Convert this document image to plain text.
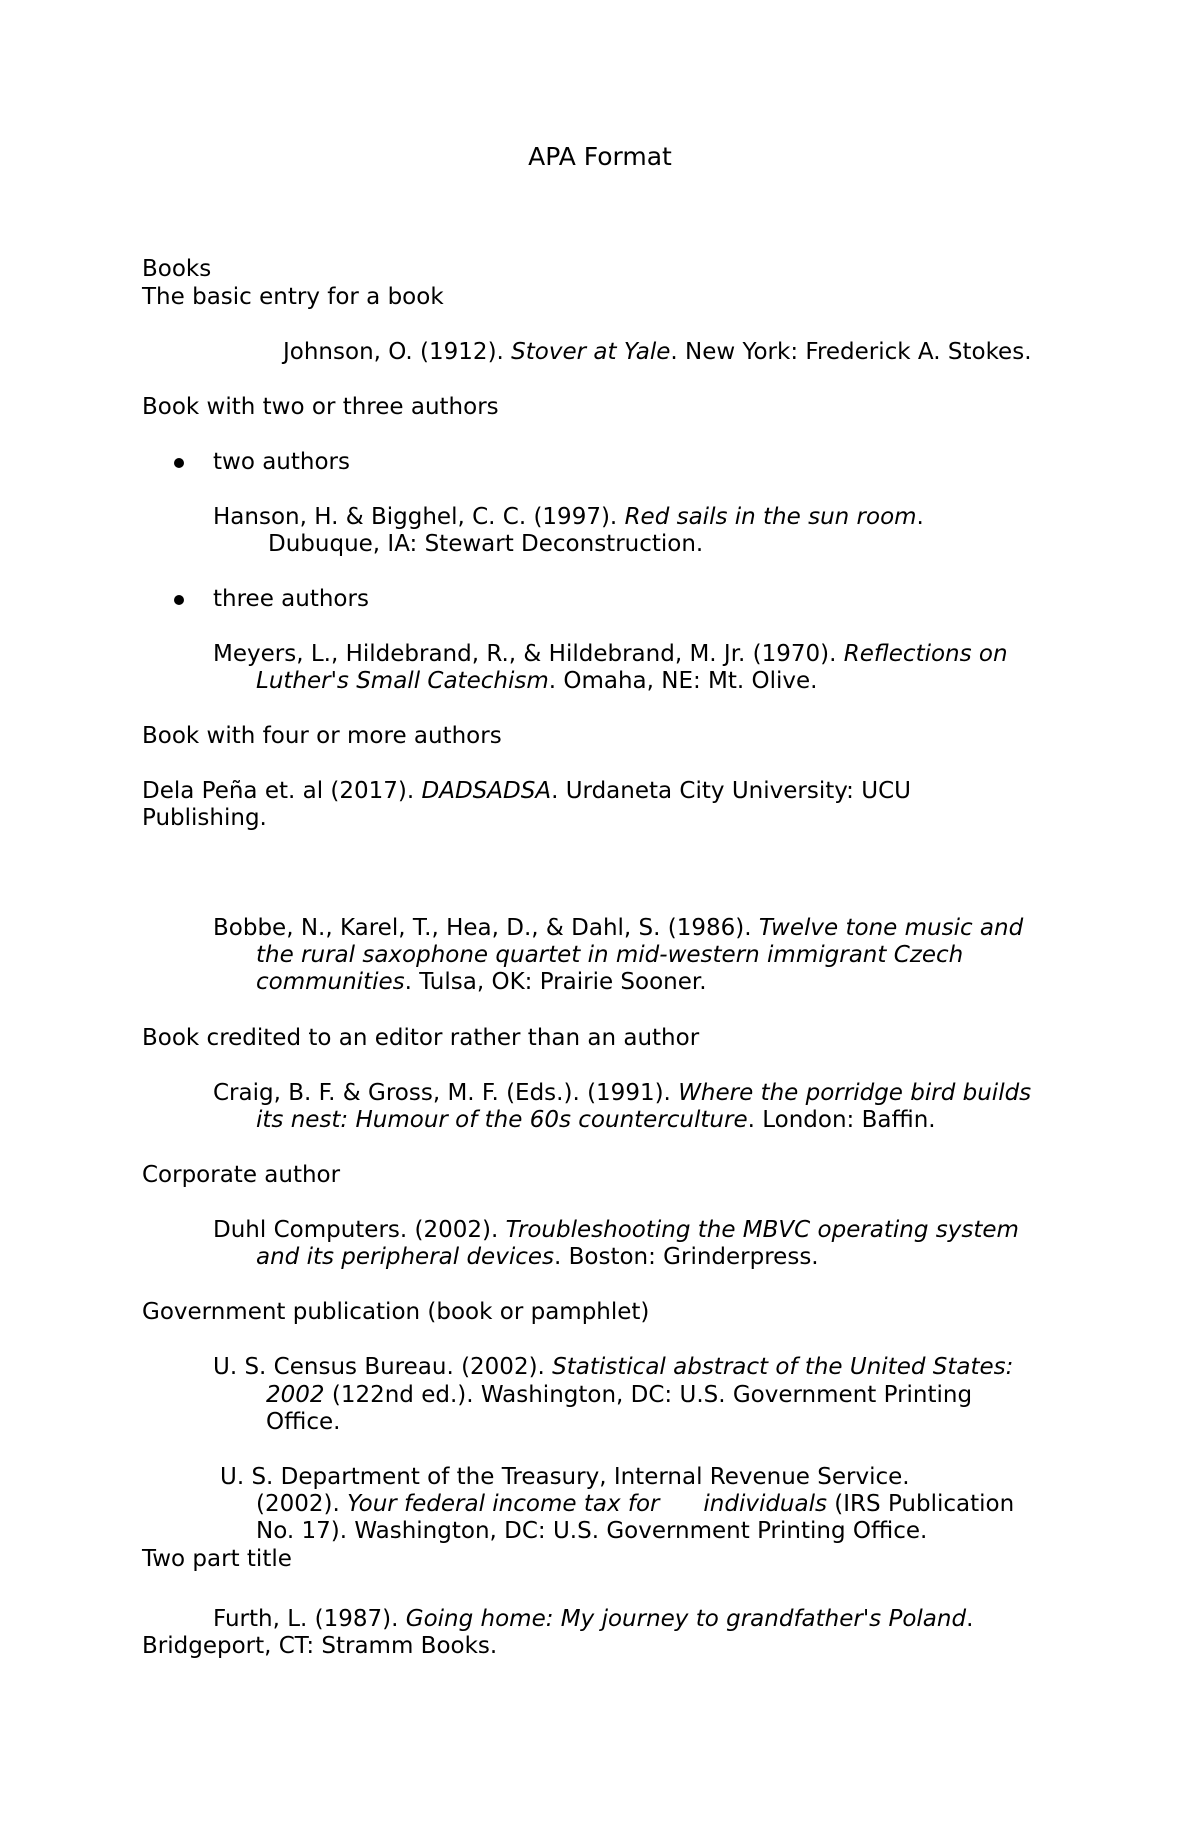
APA Format
Books
The basic entry for a book
Johnson, O. (1912). Stover at Yale. New York: Frederick A. Stokes.
Book with two or three authors
two authors
Hanson, H. & Bigghel, C. C. (1997). Red sails in the sun room.
Dubuque, IA: Stewart Deconstruction.
three authors
Meyers, L., Hildebrand, R., & Hildebrand, M. Jr. (1970). Reflections on
Luther's Small Catechism. Omaha, NE: Mt. Olive.
Book with four or more authors
Dela Peña et. al (2017). DADSADSA. Urdaneta City University: UCU
Publishing.
Bobbe, N., Karel, T., Hea, D., & Dahl, S. (1986). Twelve tone music and
the rural saxophone quartet in mid-western immigrant Czech
communities. Tulsa, OK: Prairie Sooner.
Book credited to an editor rather than an author
Craig, B. F. & Gross, M. F. (Eds.). (1991). Where the porridge bird builds
its nest: Humour of the 60s counterculture. London: Baffin.
Corporate author
Duhl Computers. (2002). Troubleshooting the MBVC operating system
and its peripheral devices. Boston: Grinderpress.
Government publication (book or pamphlet)
U. S. Census Bureau. (2002). Statistical abstract of the United States:
2002 (122nd ed.). Washington, DC: U.S. Government Printing
Office.
U. S. Department of the Treasury, Internal Revenue Service.
(2002). Your federal income tax for      individuals (IRS Publication
No. 17). Washington, DC: U.S. Government Printing Office.
Two part title
Furth, L. (1987). Going home: My journey to grandfather's Poland.
Bridgeport, CT: Stramm Books.
